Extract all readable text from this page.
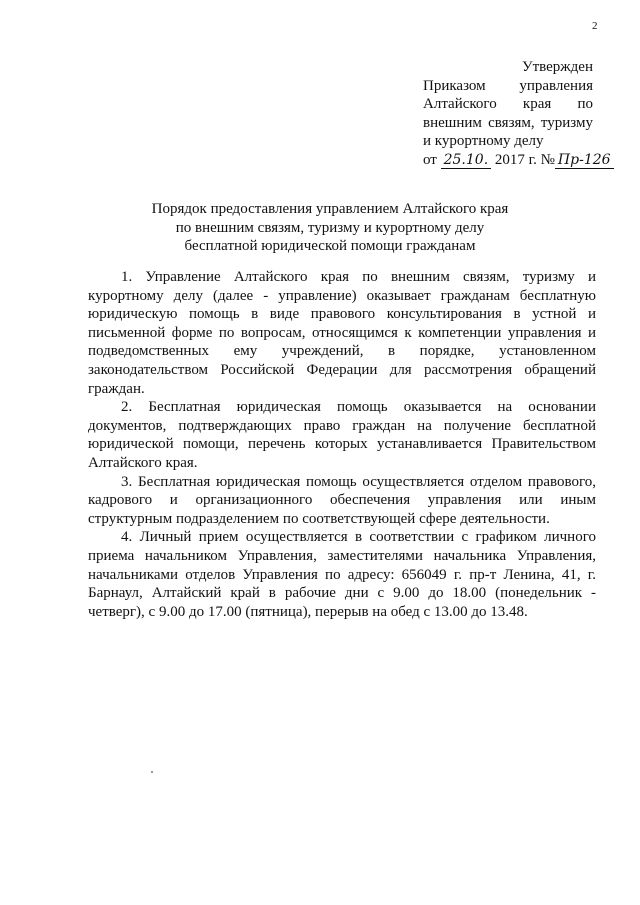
2
Утвержден
Приказом управления Алтайского края по
внешним связям, туризму
и курортному делу
от 25.10. 2017 г. № Пр-126
Порядок предоставления управлением Алтайского края
по внешним связям, туризму и курортному делу
бесплатной юридической помощи гражданам

1. Управление Алтайского края по внешним связям, туризму и курортному делу (далее - управление) оказывает гражданам бесплатную юридическую помощь в виде правового консультирования в устной и письменной форме по вопросам, относящимся к компетенции управления и подведомственных ему учреждений, в порядке, установленном законодательством Российской Федерации для рассмотрения обращений граждан.

2. Бесплатная юридическая помощь оказывается на основании документов, подтверждающих право граждан на получение бесплатной юридической помощи, перечень которых устанавливается Правительством Алтайского края.

3. Бесплатная юридическая помощь осуществляется отделом правового, кадрового и организационного обеспечения управления или иным структурным подразделением по соответствующей сфере деятельности.

4. Личный прием осуществляется в соответствии с графиком личного приема начальником Управления, заместителями начальника Управления, начальниками отделов Управления по адресу: 656049 г. пр-т Ленина, 41, г. Барнаул, Алтайский край в рабочие дни с 9.00 до 18.00 (понедельник - четверг), с 9.00 до 17.00 (пятница), перерыв на обед с 13.00 до 13.48.
